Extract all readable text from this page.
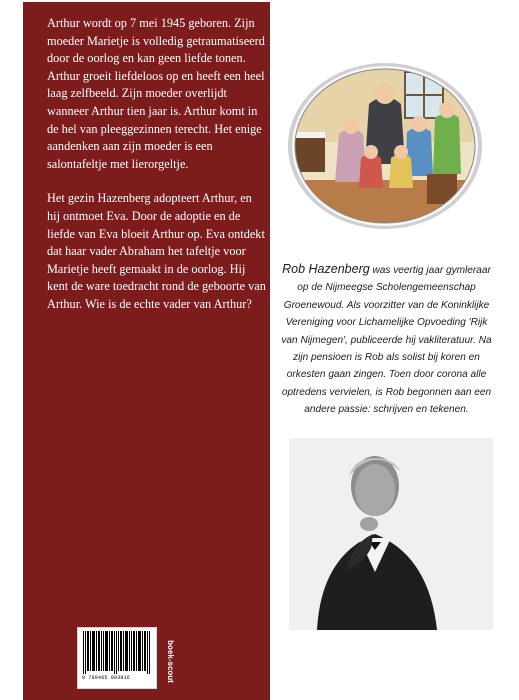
Arthur wordt op 7 mei 1945 geboren. Zijn moeder Marietje is volledig getraumatiseerd door de oorlog en kan geen liefde tonen. Arthur groeit liefdeloos op en heeft een heel laag zelfbeeld. Zijn moeder overlijdt wanneer Arthur tien jaar is. Arthur komt in de hel van pleeggezinnen terecht. Het enige aandenken aan zijn moeder is een salontafeltje met lierorgeltje.

Het gezin Hazenberg adopteert Arthur, en hij ontmoet Eva. Door de adoptie en de liefde van Eva bloeit Arthur op. Eva ontdekt dat haar vader Abraham het tafeltje voor Marietje heeft gemaakt in de oorlog. Hij kent de ware toedracht rond de geboorte van Arthur. Wie is de echte vader van Arthur?

9 789465 093816	boek-scout
Rob Hazenberg was veertig jaar gymleraar op de Nijmeegse Scholengemeenschap Groenewoud. Als voorzitter van de Koninklijke Vereniging voor Lichamelijke Opvoeding 'Rijk van Nijmegen', publiceerde hij vakliteratuur. Na zijn pensioen is Rob als solist bij koren en orkesten gaan zingen. Toen door corona alle optredens vervielen, is Rob begonnen aan een andere passie: schrijven en tekenen.
